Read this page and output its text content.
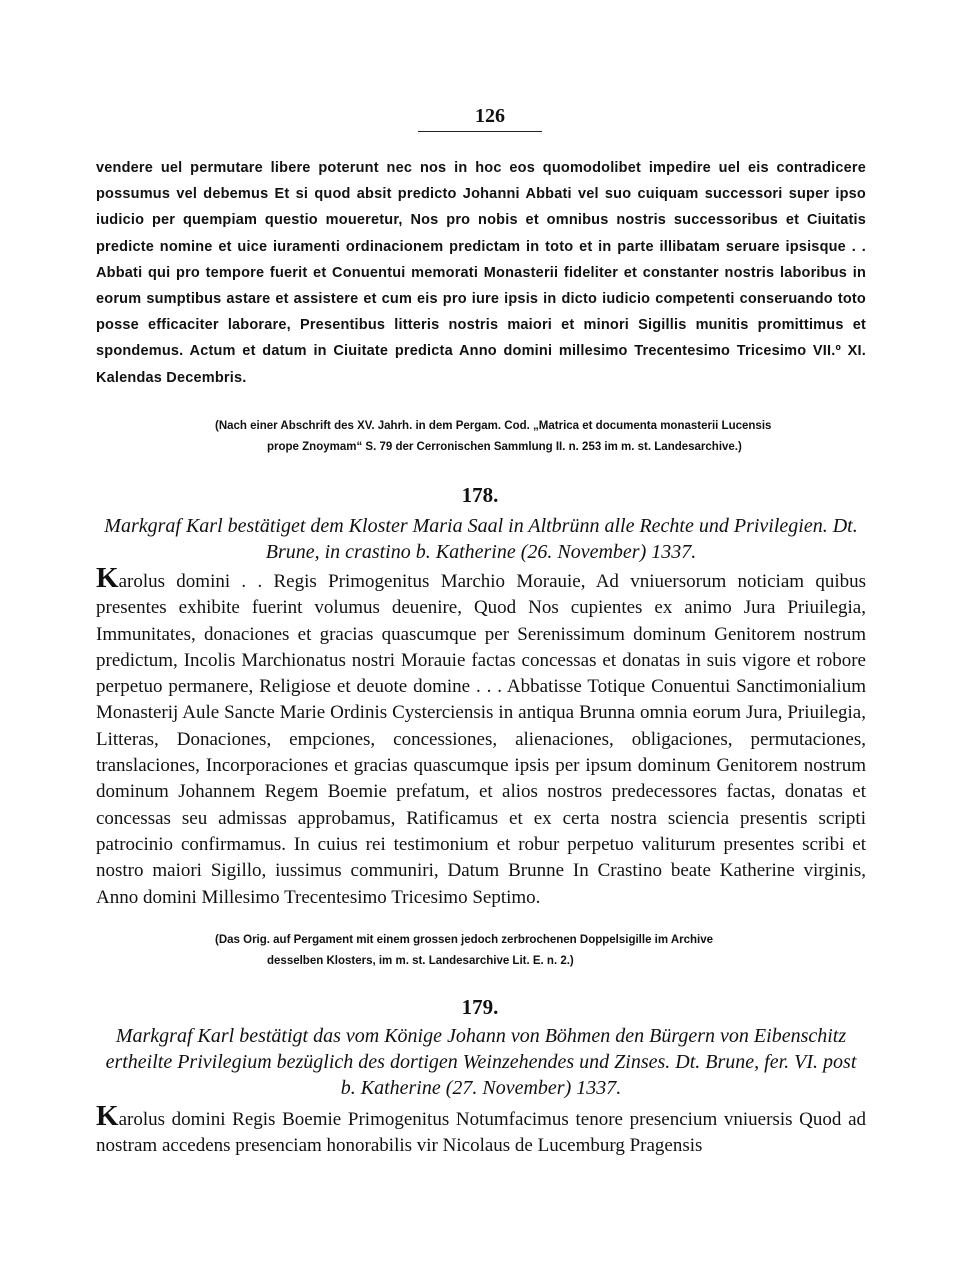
126
vendere uel permutare libere poterunt nec nos in hoc eos quomodolibet impedire uel eis contradicere possumus vel debemus Et si quod absit predicto Johanni Abbati vel suo cuiquam successori super ipso iudicio per quempiam questio moueretur, Nos pro nobis et omnibus nostris successoribus et Ciuitatis predicte nomine et uice iuramenti ordinacionem predictam in toto et in parte illibatam seruare ipsisque . . Abbati qui pro tempore fuerit et Conuentui memorati Monasterii fideliter et constanter nostris laboribus in eorum sumptibus astare et assistere et cum eis pro iure ipsis in dicto iudicio competenti conseruando toto posse efficaciter laborare, Presentibus litteris nostris maiori et minori Sigillis munitis promittimus et spondemus. Actum et datum in Ciuitate predicta Anno domini millesimo Trecentesimo Tricesimo VII.º XI. Kalendas Decembris.
(Nach einer Abschrift des XV. Jahrh. in dem Pergam. Cod. „Matrica et documenta monasterii Lucensis
prope Znoymam“ S. 79 der Cerronischen Sammlung II. n. 253 im m. st. Landesarchive.)
178.
Markgraf Karl bestätiget dem Kloster Maria Saal in Altbrünn alle Rechte und Privilegien. Dt. Brune, in crastino b. Katherine (26. November) 1337.
Karolus domini . . Regis Primogenitus Marchio Morauie, Ad vniuersorum noticiam quibus presentes exhibite fuerint volumus deuenire, Quod Nos cupientes ex animo Jura Priuilegia, Immunitates, donaciones et gracias quascumque per Serenissimum dominum Genitorem nostrum predictum, Incolis Marchionatus nostri Morauie factas concessas et donatas in suis vigore et robore perpetuo permanere, Religiose et deuote domine . . . Abbatisse Totique Conuentui Sanctimonialium Monasterij Aule Sancte Marie Ordinis Cysterciensis in antiqua Brunna omnia eorum Jura, Priuilegia, Litteras, Donaciones, empciones, concessiones, alienaciones, obligaciones, permutaciones, translaciones, Incorporaciones et gracias quascumque ipsis per ipsum dominum Genitorem nostrum dominum Johannem Regem Boemie prefatum, et alios nostros predecessores factas, donatas et concessas seu admissas approbamus, Ratificamus et ex certa nostra sciencia presentis scripti patrocinio confirmamus. In cuius rei testimonium et robur perpetuo valiturum presentes scribi et nostro maiori Sigillo, iussimus communiri, Datum Brunne In Crastino beate Katherine virginis, Anno domini Millesimo Trecentesimo Tricesimo Septimo.
(Das Orig. auf Pergament mit einem grossen jedoch zerbrochenen Doppelsigille im Archive
desselben Klosters, im m. st. Landesarchive Lit. E. n. 2.)
179.
Markgraf Karl bestätigt das vom Könige Johann von Böhmen den Bürgern von Eibenschitz ertheilte Privilegium bezüglich des dortigen Weinzehendes und Zinses. Dt. Brune, fer. VI. post b. Katherine (27. November) 1337.
Karolus domini Regis Boemie Primogenitus Notumfacimus tenore presencium vniuersis Quod ad nostram accedens presenciam honorabilis vir Nicolaus de Lucemburg Pragensis
